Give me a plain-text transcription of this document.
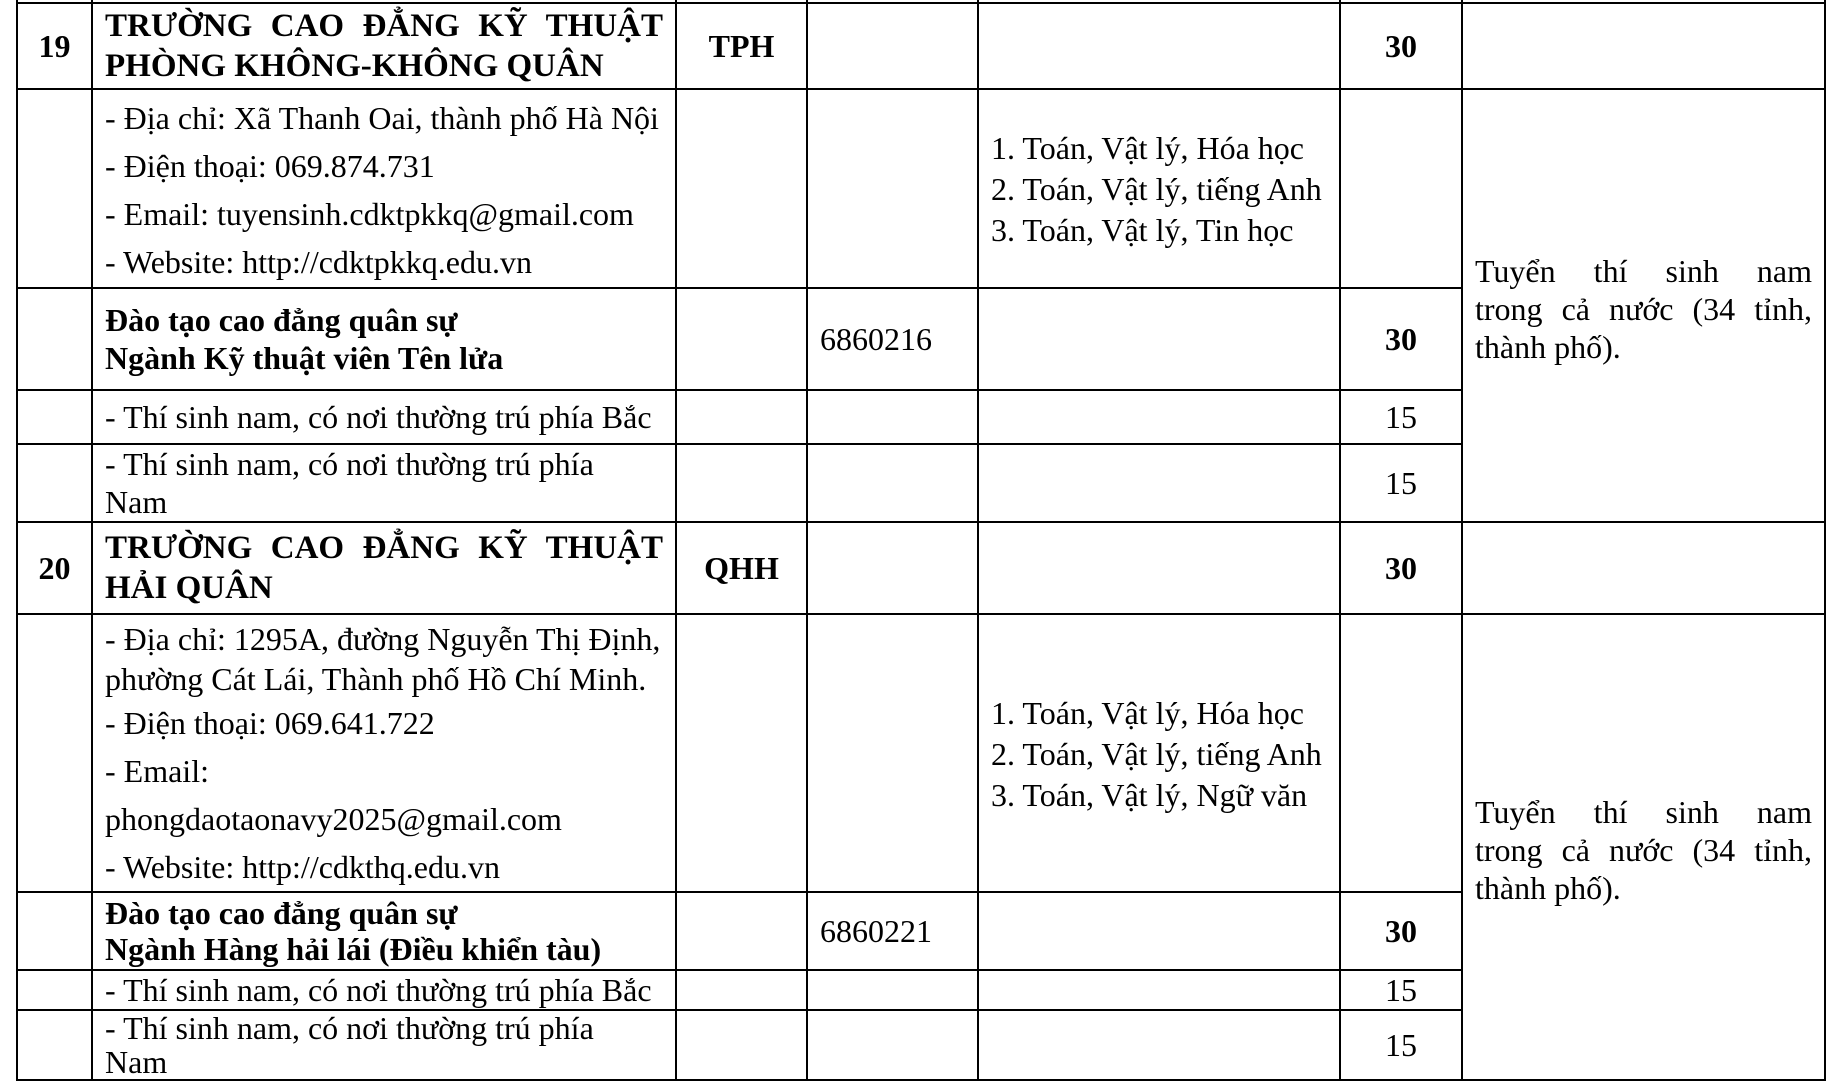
19	TRƯỜNG CAO ĐẲNG KỸ THUẬT
PHÒNG KHÔNG-KHÔNG QUÂN	TPH			30	

	- Địa chỉ: Xã Thanh Oai, thành phố Hà Nội
- Điện thoại: 069.874.731
- Email: tuyensinh.cdktpkkq@gmail.com
- Website: http://cdktpkkq.edu.vn			1. Toán, Vật lý, Hóa học
2. Toán, Vật lý, tiếng Anh
3. Toán, Vật lý, Tin học		Tuyển thí sinh nam
trong cả nước (34 tỉnh, thành phố).

	Đào tạo cao đẳng quân sự
Ngành Kỹ thuật viên Tên lửa		6860216		30	
	- Thí sinh nam, có nơi thường trú phía Bắc				15	
	- Thí sinh nam, có nơi thường trú phía Nam				15	
20	TRƯỜNG CAO ĐẲNG KỸ THUẬT
HẢI QUÂN	QHH			30	

	- Địa chỉ: 1295A, đường Nguyễn Thị Định,
phường Cát Lái, Thành phố Hồ Chí Minh.
- Điện thoại: 069.641.722
- Email: phongdaotaonavy2025@gmail.com
- Website: http://cdkthq.edu.vn			1. Toán, Vật lý, Hóa học
2. Toán, Vật lý, tiếng Anh
3. Toán, Vật lý, Ngữ văn		Tuyển thí sinh nam
trong cả nước (34 tỉnh, thành phố).

	Đào tạo cao đẳng quân sự
Ngành Hàng hải lái (Điều khiển tàu)		6860221		30	
	- Thí sinh nam, có nơi thường trú phía Bắc				15	
	- Thí sinh nam, có nơi thường trú phía Nam				15	
